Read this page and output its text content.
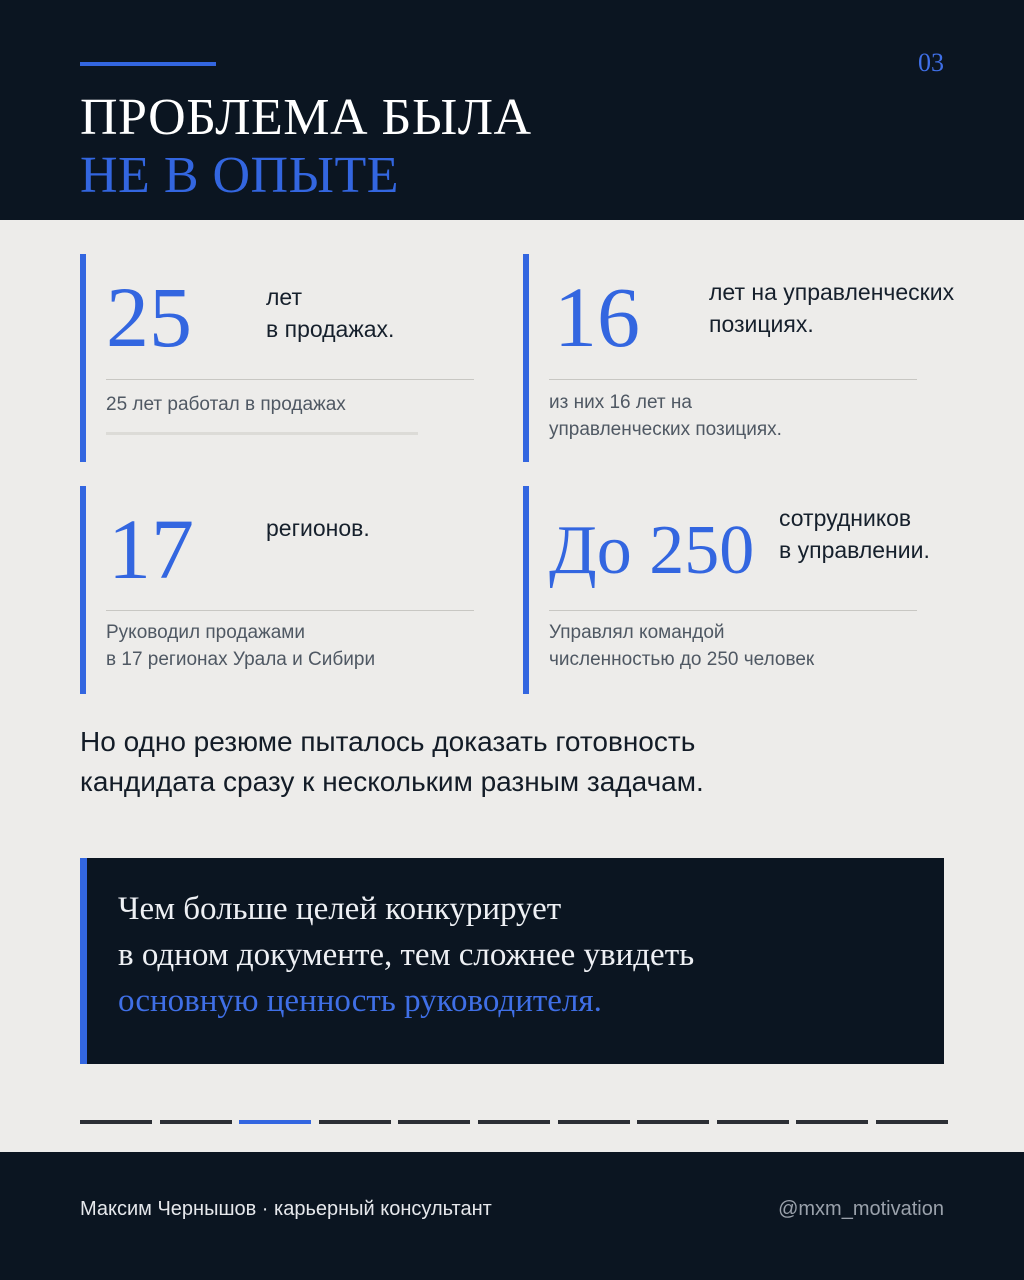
03
ПРОБЛЕМА БЫЛА
НЕ В ОПЫТЕ
25	лет
в продажах.
25 лет работал в продажах
16	лет на управленческих
позициях.
из них 16 лет на
управленческих позициях.
17	регионов.
Руководил продажами
в 17 регионах Урала и Сибири
До 250 сотрудников
в управлении.
Управлял командой
численностью до 250 человек
Но одно резюме пыталось доказать готовность
кандидата сразу к нескольким разным задачам.
Чем больше целей конкурирует
в одном документе, тем сложнее увидеть
основную ценность руководителя.
Максим Чернышов · карьерный консультант	@mxm_motivation
